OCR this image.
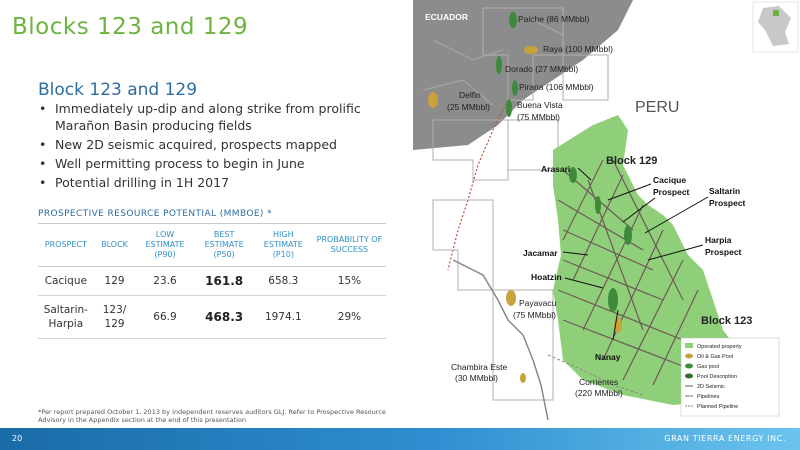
Blocks 123 and 129
Block 123 and 129
• Immediately up-dip and along strike from prolific Marañon Basin producing fields
• New 2D seismic acquired, prospects mapped
• Well permitting process to begin in June
• Potential drilling in 1H 2017
PROSPECTIVE RESOURCE POTENTIAL (MMBOE) *
PROSPECT	BLOCK	LOW ESTIMATE (P90)	BEST ESTIMATE (P50)	HIGH ESTIMATE (P10)	PROBABILITY OF SUCCESS
Cacique	129	23.6	161.8	658.3	15%
Saltarin-Harpia	123/ 129	66.9	468.3	1974.1	29%
*Per report prepared October 1, 2013 by independent reserves auditors GLJ. Refer to Prospective Resource Advisory in the Appendix section at the end of this presentation
ECUADOR
PERU
Paiche (86 MMbbl)
Raya (100 MMbbl)
Dorado (27 MMbbl)
Pirana (106 MMbbl)
Delfin
(25 MMbbl)	Buena Vista
(75 MMbbl)
Payavacu
(75 MMbbl)
Chambira Este
(30 MMbbl)	Corrientes
(220 MMbbl)
Block 129
Block 123
Cacique
Prospect Saltarin
Prospect
Harpia
Prospect
Arasari
Jacamar
Hoatzin
Nanay
Operated property
Oil & Gas Pool
Gas pool
Pool Description
2D Seismic
Pipelines
Planned Pipeline
20	GRAN TIERRA ENERGY INC.
